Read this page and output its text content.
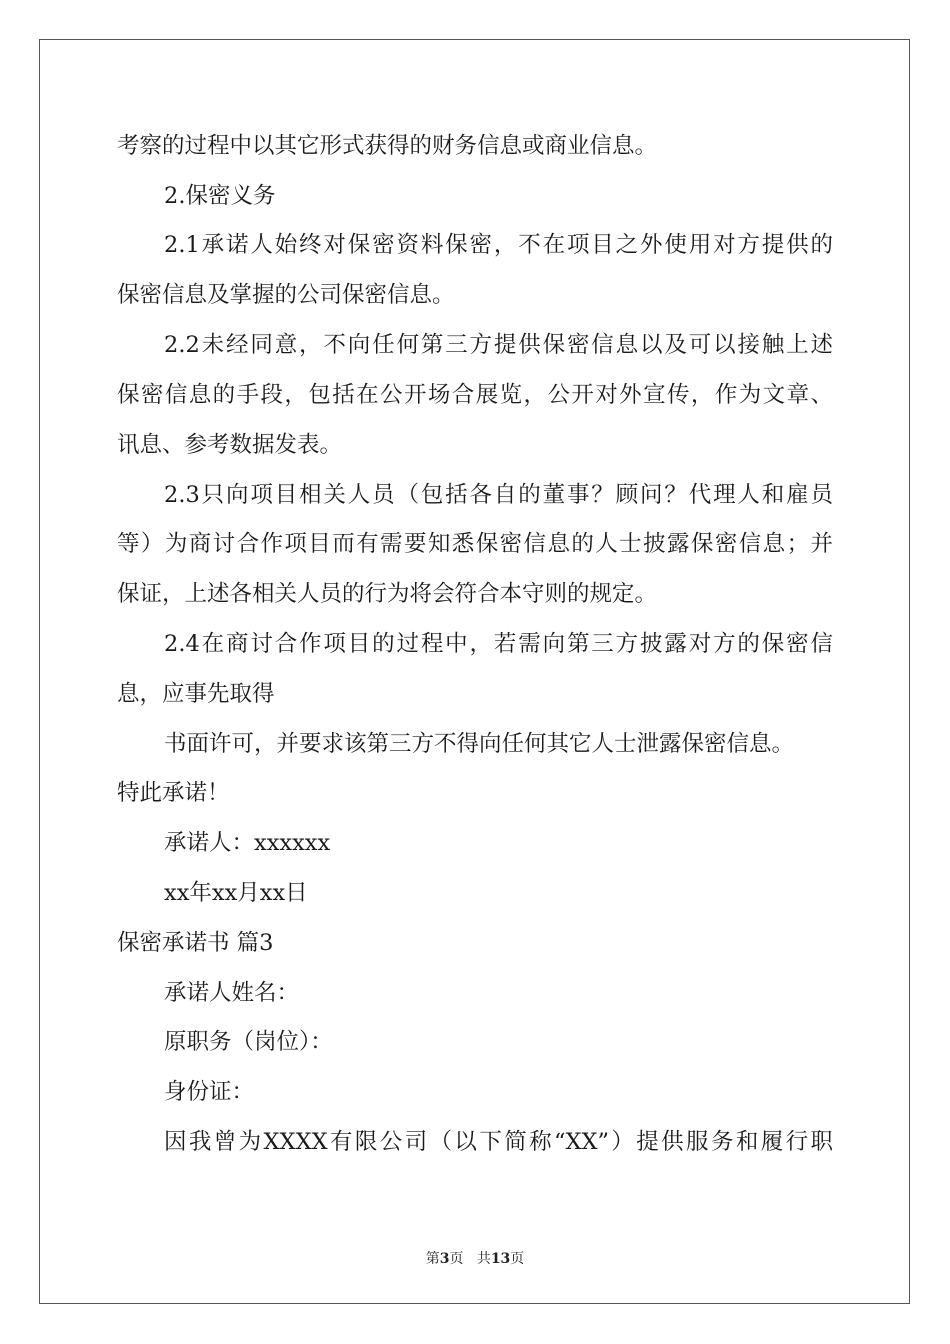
考察的过程中以其它形式获得的财务信息或商业信息。
2.保密义务
2.1承诺人始终对保密资料保密，不在项目之外使用对方提供的
保密信息及掌握的公司保密信息。
2.2未经同意，不向任何第三方提供保密信息以及可以接触上述
保密信息的手段，包括在公开场合展览，公开对外宣传，作为文章、
讯息、参考数据发表。
2.3只向项目相关人员（包括各自的董事？顾问？代理人和雇员
等）为商讨合作项目而有需要知悉保密信息的人士披露保密信息；并
保证，上述各相关人员的行为将会符合本守则的规定。
2.4在商讨合作项目的过程中，若需向第三方披露对方的保密信
息，应事先取得
书面许可，并要求该第三方不得向任何其它人士泄露保密信息。
特此承诺！
承诺人：xxxxxx
xx年xx月xx日
保密承诺书 篇3
承诺人姓名：
原职务（岗位）：
身份证：
因我曾为XXXX有限公司（以下简称“XX”）提供服务和履行职
第3页 共13页
